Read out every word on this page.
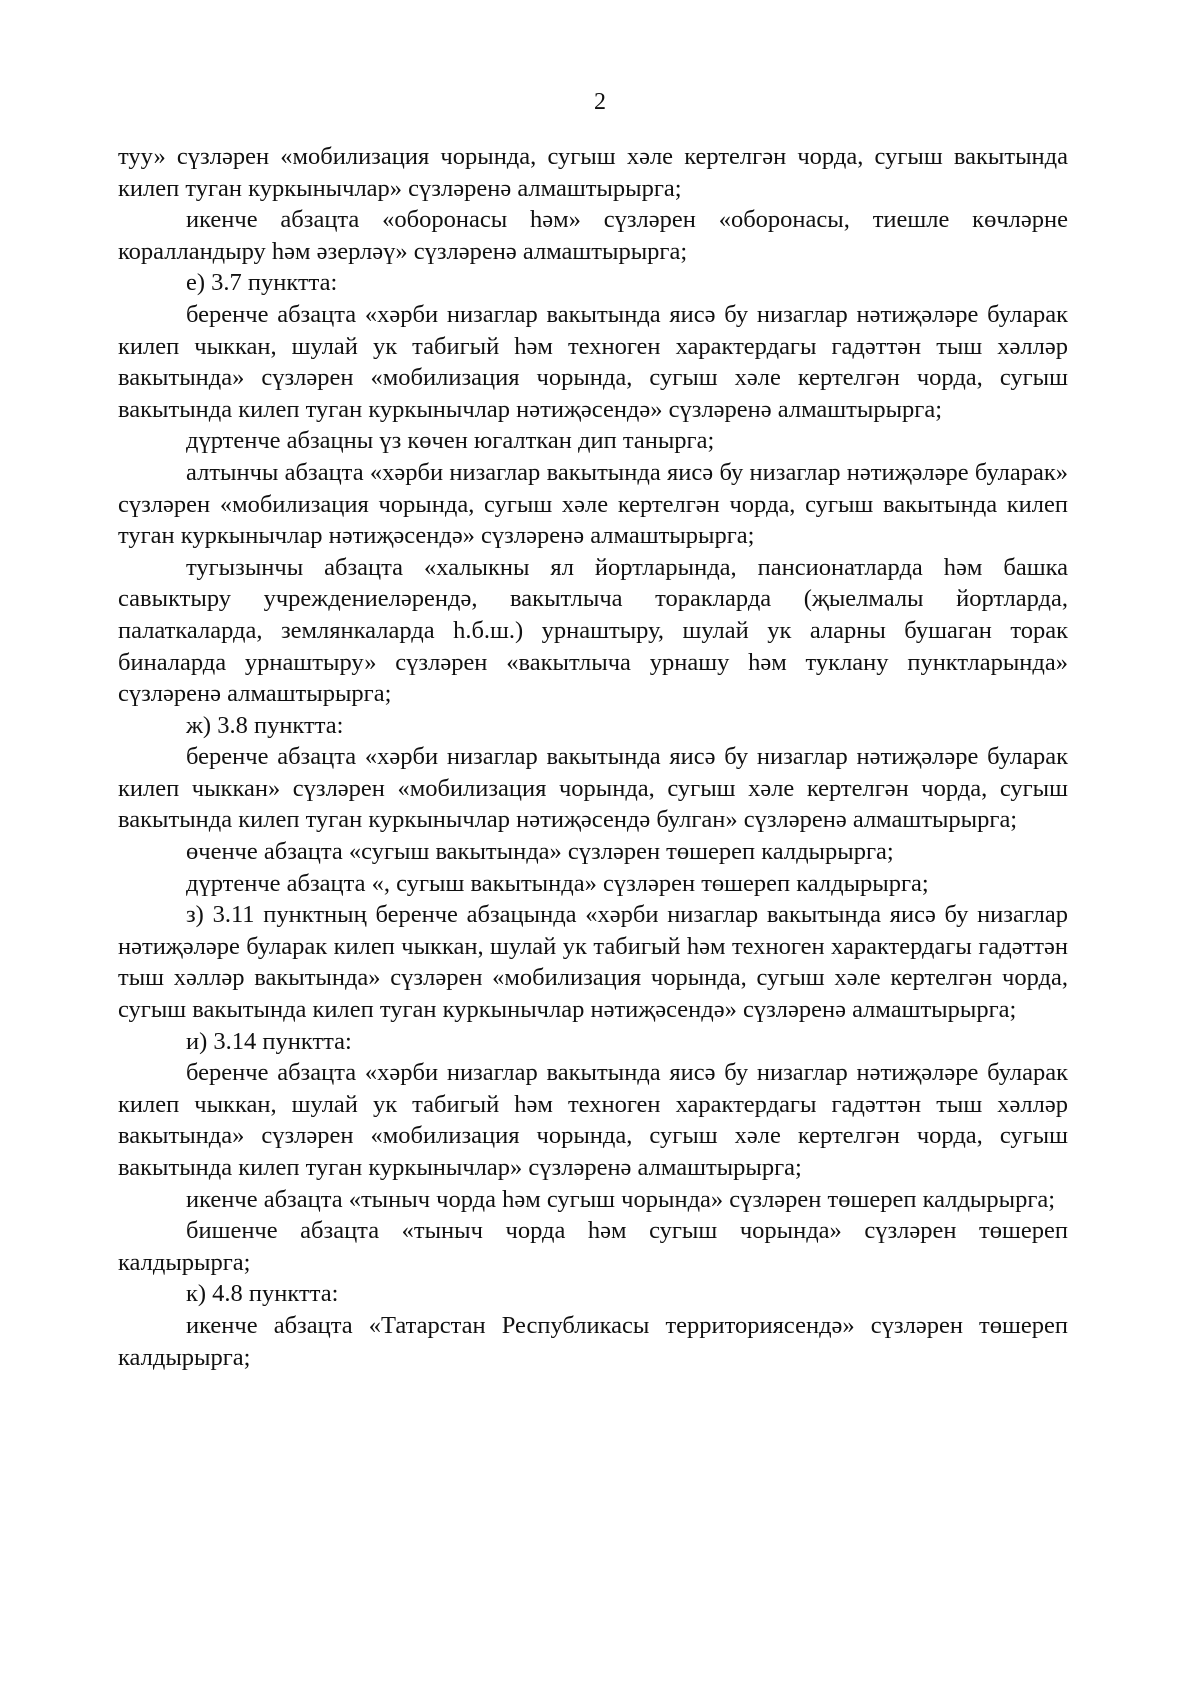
2

туу» сүзләрен «мобилизация чорында, сугыш хәле кертелгән чорда, сугыш вакытында килеп туган куркынычлар» сүзләренә алмаштырырга;

икенче абзацта «оборонасы һәм» сүзләрен «оборонасы, тиешле көчләрне коралландыру һәм әзерләү» сүзләренә алмаштырырга;

е) 3.7 пунктта:

беренче абзацта «хәрби низаглар вакытында яисә бу низаглар нәтиҗәләре буларак килеп чыккан, шулай ук табигый һәм техноген характердагы гадәттән тыш хәлләр вакытында» сүзләрен «мобилизация чорында, сугыш хәле кертелгән чорда, сугыш вакытында килеп туган куркынычлар нәтиҗәсендә» сүзләренә алмаштырырга;

дүртенче абзацны үз көчен югалткан дип танырга;

алтынчы абзацта «хәрби низаглар вакытында яисә бу низаглар нәтиҗәләре буларак» сүзләрен «мобилизация чорында, сугыш хәле кертелгән чорда, сугыш вакытында килеп туган куркынычлар нәтиҗәсендә» сүзләренә алмаштырырга;

тугызынчы абзацта «халыкны ял йортларында, пансионатларда һәм башка савыктыру учреждениеләрендә, вакытлыча торакларда (җыелмалы йортларда, палаткаларда, землянкаларда һ.б.ш.) урнаштыру, шулай ук аларны бушаган торак биналарда урнаштыру» сүзләрен «вакытлыча урнашу һәм туклану пунктларында» сүзләренә алмаштырырга;

ж) 3.8 пунктта:

беренче абзацта «хәрби низаглар вакытында яисә бу низаглар нәтиҗәләре буларак килеп чыккан» сүзләрен «мобилизация чорында, сугыш хәле кертелгән чорда, сугыш вакытында килеп туган куркынычлар нәтиҗәсендә булган» сүзләренә алмаштырырга;

өченче абзацта «сугыш вакытында» сүзләрен төшереп калдырырга;

дүртенче абзацта «, сугыш вакытында» сүзләрен төшереп калдырырга;

з) 3.11 пунктның беренче абзацында «хәрби низаглар вакытында яисә бу низаглар нәтиҗәләре буларак килеп чыккан, шулай ук табигый һәм техноген характердагы гадәттән тыш хәлләр вакытында» сүзләрен «мобилизация чорында, сугыш хәле кертелгән чорда, сугыш вакытында килеп туган куркынычлар нәтиҗәсендә» сүзләренә алмаштырырга;

и) 3.14 пунктта:

беренче абзацта «хәрби низаглар вакытында яисә бу низаглар нәтиҗәләре буларак килеп чыккан, шулай ук табигый һәм техноген характердагы гадәттән тыш хәлләр вакытында» сүзләрен «мобилизация чорында, сугыш хәле кертелгән чорда, сугыш вакытында килеп туган куркынычлар» сүзләренә алмаштырырга;

икенче абзацта «тыныч чорда һәм сугыш чорында» сүзләрен төшереп калдырырга;

бишенче абзацта «тыныч чорда һәм сугыш чорында» сүзләрен төшереп калдырырга;

к) 4.8 пунктта:

икенче абзацта «Татарстан Республикасы территориясендә» сүзләрен төшереп калдырырга;
